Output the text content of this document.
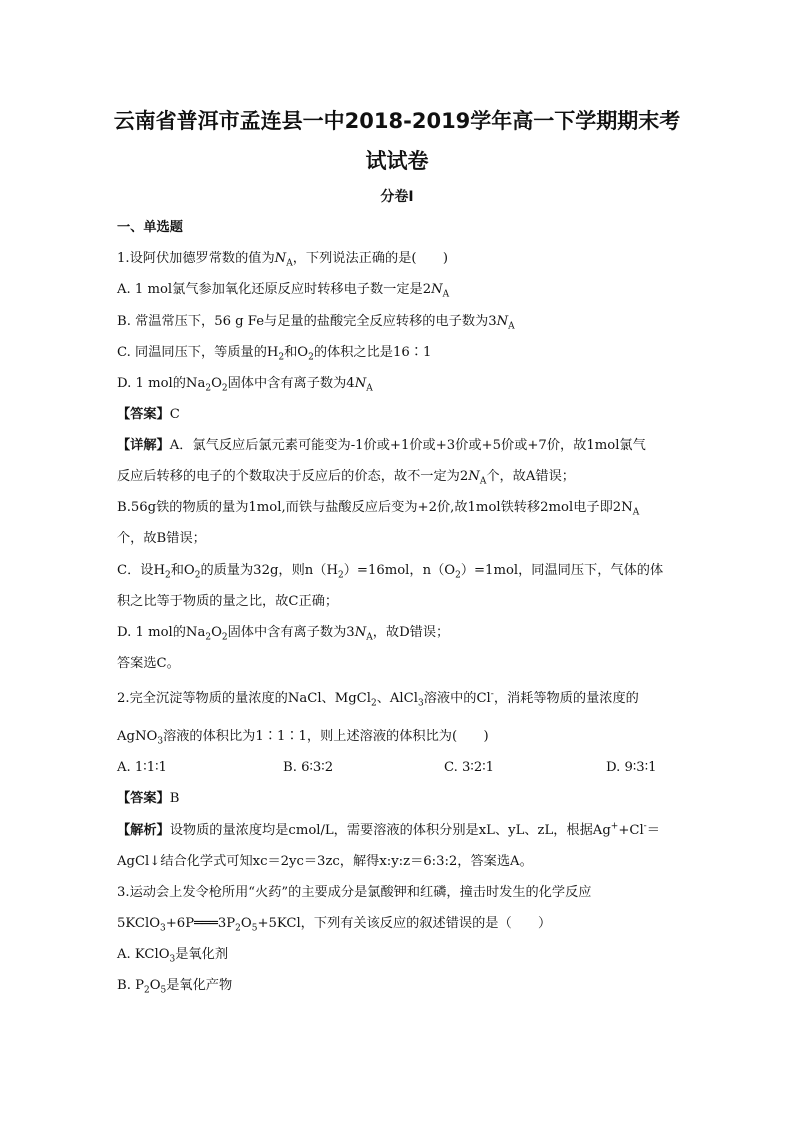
云南省普洱市孟连县一中2018-2019学年高一下学期期末考
试试卷
分卷I
一、单选题
1.设阿伏加德罗常数的值为$N_A$，下列说法正确的是(　　)
A. 1 mol氯气参加氧化还原反应时转移电子数一定是$2N_A$
B. 常温常压下，56 g Fe与足量的盐酸完全反应转移的电子数为$3N_A$
C. 同温同压下，等质量的$H_2$和$O_2$的体积之比是16∶1
D. 1 mol的$Na_2O_2$固体中含有离子数为$4N_A$
【答案】C
【详解】A．氯气反应后氯元素可能变为-1价或+1价或+3价或+5价或+7价，故1mol氯气
反应后转移的电子的个数取决于反应后的价态，故不一定为$2N_A$个，故A错误；
B.56g铁的物质的量为1mol,而铁与盐酸反应后变为+2价,故1mol铁转移2mol电子即$2N_A$
个，故B错误；
C．设$H_2$和$O_2$的质量为32g，则$n(H_2)=16mol$，$n(O_2)=1mol$，同温同压下，气体的体
积之比等于物质的量之比，故C正确；
D. 1 mol的$Na_2O_2$固体中含有离子数为$3N_A$，故D错误；
答案选C。
2.完全沉淀等物质的量浓度的NaCl、MgCl$_2$、AlCl$_3$溶液中的Cl-，消耗等物质的量浓度的
AgNO$_3$溶液的体积比为1∶1∶1，则上述溶液的体积比为(　　)
A. 1∶1∶1	B. 6∶3∶2	C. 3∶2∶1	D. 9∶3∶1
【答案】B
【解析】设物质的量浓度均是cmol/L，需要溶液的体积分别是xL、yL、zL，根据Ag++Cl-＝
AgCl↓结合化学式可知xc＝2yc＝3zc，解得x:y:z＝6:3:2，答案选A。
3.运动会上发令枪所用“火药”的主要成分是氯酸钾和红磷，撞击时发生的化学反应
$5KClO_3+6P═══3P_2O_5+5KCl$，下列有关该反应的叙述错误的是（　　）
A. KClO$_3$是氧化剂
B. $P_2O_5$是氧化产物
